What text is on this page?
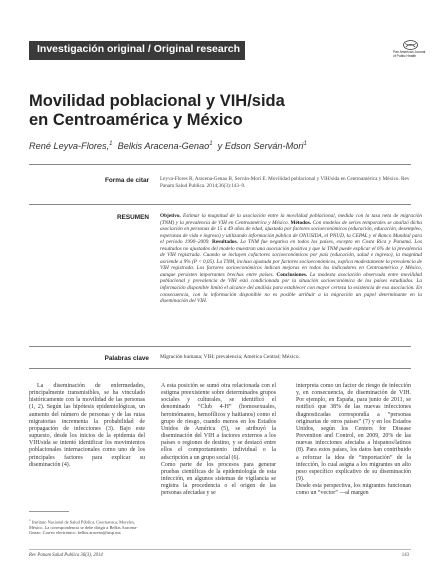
Investigación original / Original research	Pan American Journal
of Public Health
Movilidad poblacional y VIH/sida
en Centroamérica y México
René Leyva-Flores,$^1$ Belkis Aracena-Genao$^1$ y Edson Serván-Mori$^1$
Forma de citar Leyva-Flores R, Aracena-Genao B, Serván-Mori E. Movilidad poblacional y VIH/sida en Centroamérica y México. Rev Panam Salud Publica. 2014;36(3):143–9.
RESUMEN Objetivo. Estimar la magnitud de la asociación entre la movilidad poblacional, medida con la tasa neta de migración (TNM) y la prevalencia de VIH en Centroamérica y México. Métodos. Con modelos de series temporales se analizó dicha asociación en personas de 15 a 49 años de edad, ajustada por factores socioeconómicos (educación, educación, desempleo, esperanza de vida e ingreso) y utilizando información pública de ONUSIDA, el PNUD, la CEPAL y el Banco Mundial para el período 1990–2009. Resultados. La TNM fue negativa en todos los países, excepto en Costa Rica y Panamá. Los resultados no ajustados del modelo muestran una asociación positiva y que la TNM puede explicar el 6% de la prevalencia de VIH registrada. Cuando se incluyen cofactores socioeconómicos por país (educación, salud e ingreso), la magnitud asciende a 9% (P < 0,05). La TNM, incluso ajustada por factores socioeconómicos, explica modestamente la prevalencia de VIH registrada. Los factores socioeconómicos indican mejoras en todos los indicadores en Centroamérica y México, aunque persisten importantes brechas entre países. Conclusiones. La modesta asociación observada entre movilidad poblacional y prevalencia de VIH está condicionada por la situación socioeconómica de los países estudiados. La información disponible limitó el alcance del análisis para establecer con mayor certeza la existencia de esa asociación. En consecuencia, con la información disponible no es posible atribuir a la migración un papel determinante en la diseminación del VIH.
Palabras clave Migración humana; VIH; prevalencia; América Central; México.
La diseminación de enfermedades, principalmente transmisibles, se ha vinculado históricamente con la movilidad de las personas (1, 2). Según las hipótesis epidemiológicas, un aumento del número de personas y de las rutas migratorias incrementa la probabilidad de propagación de infecciones (3). Bajo este supuesto, desde los inicios de la epidemia del VIH/sida se intentó identificar los movimientos poblacionales internacionales como uno de los principales factores para explicar su diseminación (4).
A esta posición se sumó otra relacionada con el estigma preexistente sobre determinados grupos sociales y culturales, se identificó el denominado “Club 4-H” (homosexuales, heroinómanos, hemofílicos y haitianos) como el grupo de riesgo, cuando menos en los Estados Unidos de América (5), se atribuyó la diseminación del VIH a factores externos a los países o regiones de destino, y se destacó entre ellos el comportamiento individual o la adscripción a un grupo social (6).
Como parte de los procesos para generar pruebas científicas de la epidemiología de esta infección, en algunos sistemas de vigilancia se registra la procedencia o el origen de las personas afectadas y se
interpreta como un factor de riesgo de infección y, en consecuencia, de diseminación de VIH. Por ejemplo, en España, para junio de 2011, se notificó que 38% de las nuevas infecciones diagnosticadas correspondía a “personas originarias de otros países” (7) y en los Estados Unidos, según los Centers for Disease Prevention and Control, en 2009, 20% de las nuevas infecciones afectaba a hispanos/latinos (8). Para estos países, los datos han contribuido a reforzar la idea de “importación” de la infección, lo cual asigna a los migrantes un alto peso específico explicativo de su diseminación (9).
Desde esta perspectiva, los migrantes funcionan como un “vector” —al margen
$^1$ Instituto Nacional de Salud Pública, Cuernavaca, Morelos, México. La correspondencia se debe dirigir a Belkis Aracena-Genao. Correo electrónico: belkis.aracena@insp.mx
Rev Panam Salud Publica 36(3), 2014	143
